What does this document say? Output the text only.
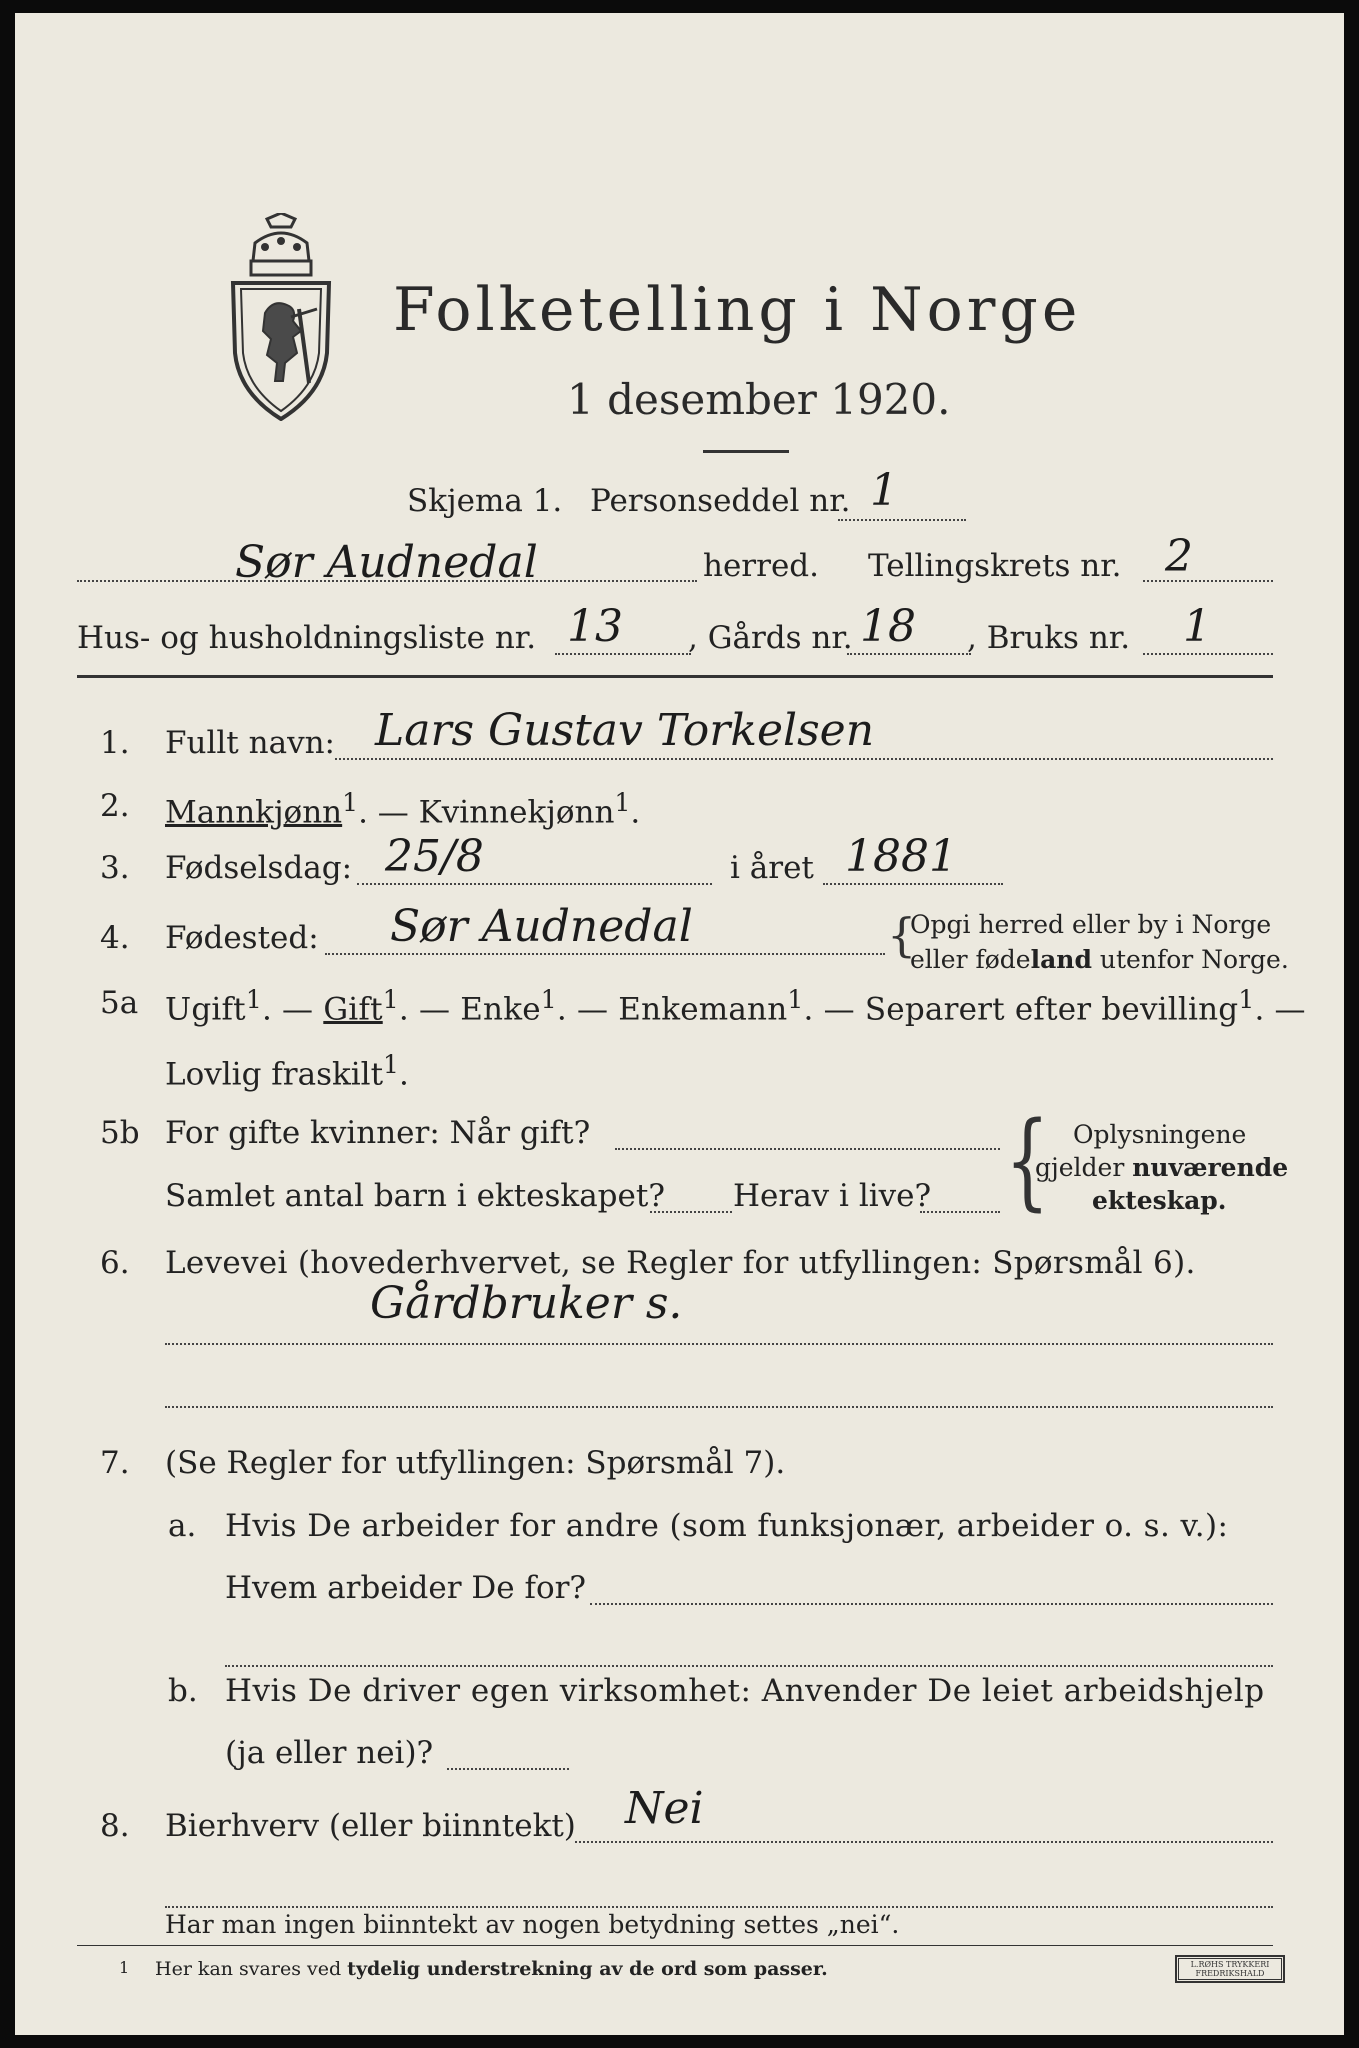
Folketelling i Norge
1 desember 1920.
Skjema 1. Personseddel nr. 1
Sør Audnedal	herred. Tellingskrets nr. 2
Hus- og husholdningsliste nr. 13 , Gårds nr. 18 , Bruks nr. 1
1. Fullt navn: Lars Gustav Torkelsen
2. Mannkjønn$^1$. — Kvinnekjønn$^1$.
3. Fødselsdag: 25/8	i året 1881
4. Fødested: Sør Audnedal	{
Opgi herred eller by i Norge
eller fødeland utenfor Norge.
5a Ugift$^1$. — Gift$^1$. — Enke$^1$. — Enkemann$^1$. — Separert efter bevilling$^1$. —
Lovlig fraskilt$^1$.
5b For gifte kvinner: Når gift?
Samlet antal barn i ekteskapet? Herav i live? { Oplysningene
gjelder nuværende
ekteskap.
6. Levevei (hovederhvervet, se Regler for utfyllingen: Spørsmål 6).
Gårdbruker s.
7. (Se Regler for utfyllingen: Spørsmål 7).
a. Hvis De arbeider for andre (som funksjonær, arbeider o. s. v.):
Hvem arbeider De for?
b. Hvis De driver egen virksomhet: Anvender De leiet arbeidshjelp
(ja eller nei)?
8. Bierhverv (eller biinntekt) Nei
Har man ingen biinntekt av nogen betydning settes „nei“.
1 Her kan svares ved tydelig understrekning av de ord som passer.	L.RØHS TRYKKERI
FREDRIKSHALD
